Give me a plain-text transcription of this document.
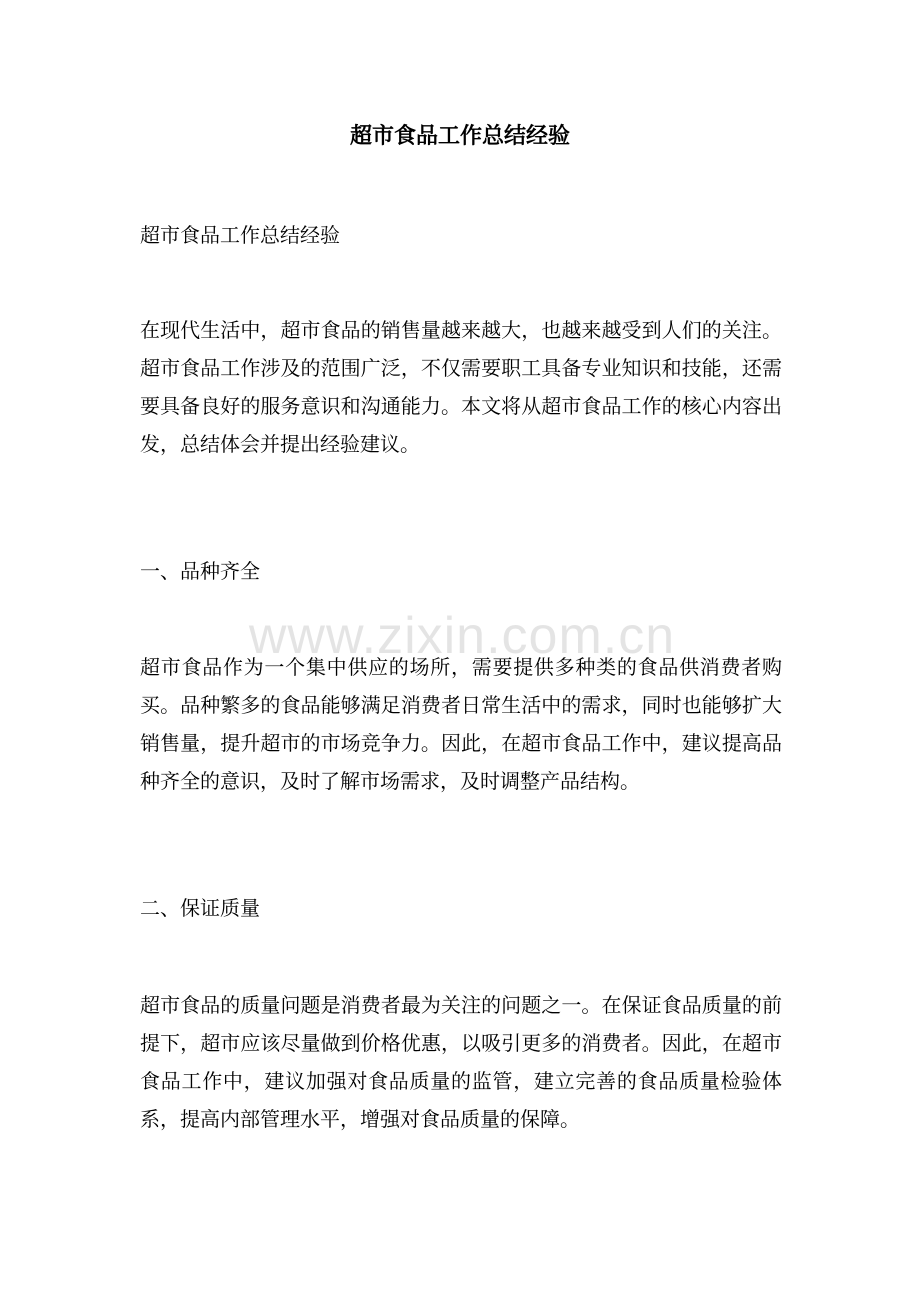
超市食品工作总结经验

超市食品工作总结经验

在现代生活中，超市食品的销售量越来越大，也越来越受到人们的关注。超市食品工作涉及的范围广泛，不仅需要职工具备专业知识和技能，还需要具备良好的服务意识和沟通能力。本文将从超市食品工作的核心内容出发，总结体会并提出经验建议。

一、品种齐全

超市食品作为一个集中供应的场所，需要提供多种类的食品供消费者购买。品种繁多的食品能够满足消费者日常生活中的需求，同时也能够扩大销售量，提升超市的市场竞争力。因此，在超市食品工作中，建议提高品种齐全的意识，及时了解市场需求，及时调整产品结构。

二、保证质量

超市食品的质量问题是消费者最为关注的问题之一。在保证食品质量的前提下，超市应该尽量做到价格优惠，以吸引更多的消费者。因此，在超市食品工作中，建议加强对食品质量的监管，建立完善的食品质量检验体系，提高内部管理水平，增强对食品质量的保障。

www.zixin.com.cn
